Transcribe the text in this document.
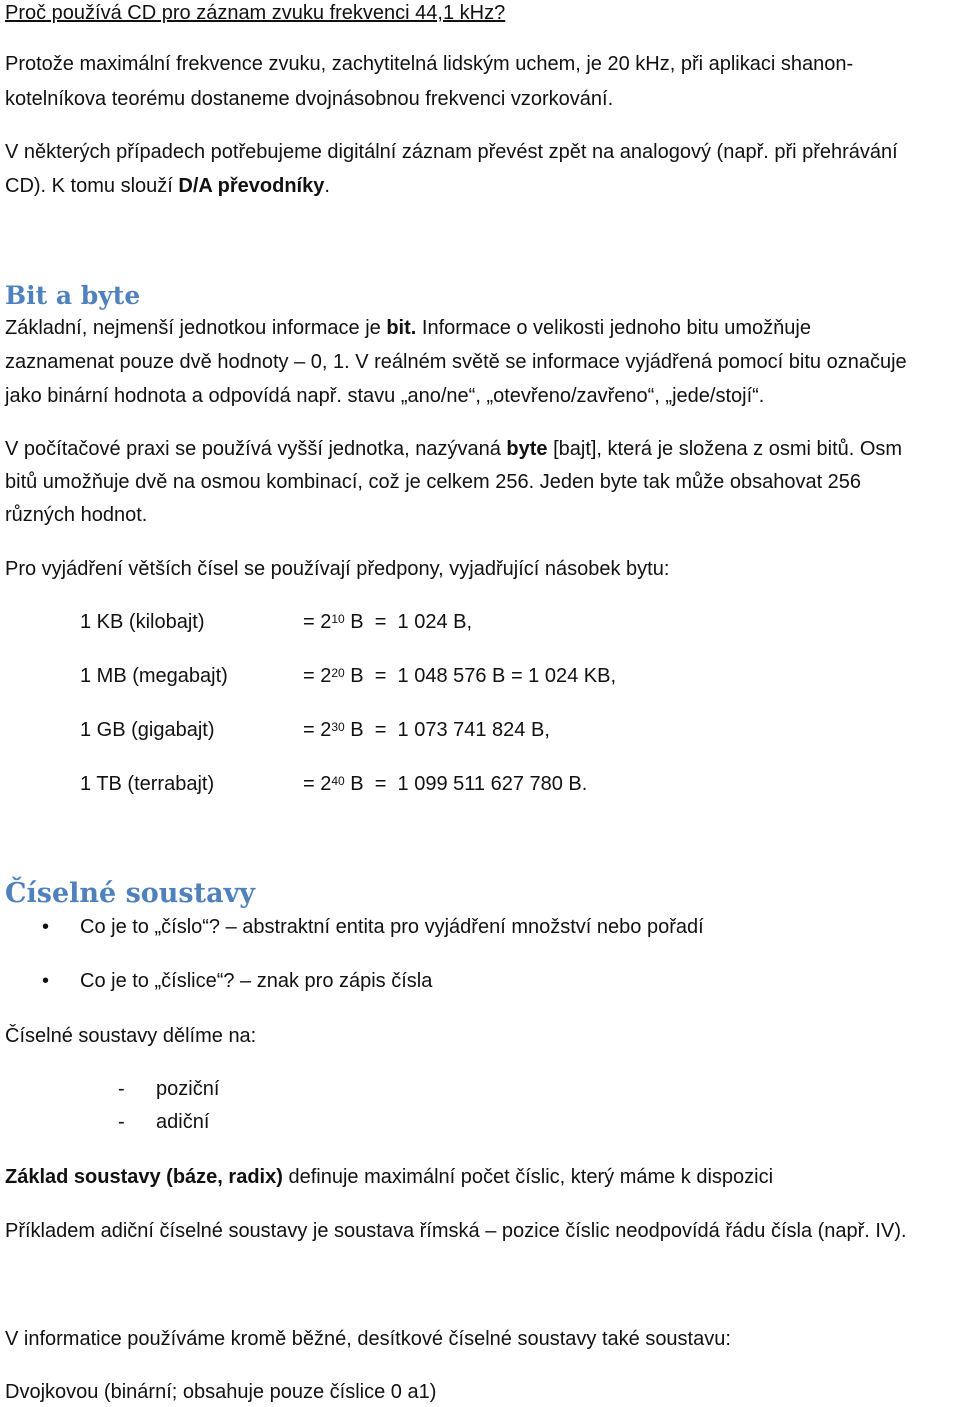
Proč používá CD pro záznam zvuku frekvenci 44,1 kHz?
Protože maximální frekvence zvuku, zachytitelná lidským uchem, je 20 kHz, při aplikaci shanon-
kotelníkova teorému dostaneme dvojnásobnou frekvenci vzorkování.
V některých případech potřebujeme digitální záznam převést zpět na analogový (např. při přehrávání
CD). K tomu slouží D/A převodníky.
Bit a byte
Základní, nejmenší jednotkou informace je bit. Informace o velikosti jednoho bitu umožňuje
zaznamenat pouze dvě hodnoty – 0, 1. V reálném světě se informace vyjádřená pomocí bitu označuje
jako binární hodnota a odpovídá např. stavu „ano/ne“, „otevřeno/zavřeno“, „jede/stojí“.
V počítačové praxi se používá vyšší jednotka, nazývaná byte [bajt], která je složena z osmi bitů. Osm
bitů umožňuje dvě na osmou kombinací, což je celkem 256. Jeden byte tak může obsahovat 256
různých hodnot.
Pro vyjádření větších čísel se používají předpony, vyjadřující násobek bytu:
1 KB (kilobajt)	= $2^{10}$ B  =  1 024 B,
1 MB (megabajt)	= $2^{20}$ B  =  1 048 576 B = 1 024 KB,
1 GB (gigabajt)	= $2^{30}$ B  =  1 073 741 824 B,
1 TB (terrabajt)	= $2^{40}$ B  =  1 099 511 627 780 B.
Číselné soustavy
• Co je to „číslo“? – abstraktní entita pro vyjádření množství nebo pořadí
• Co je to „číslice“? – znak pro zápis čísla
Číselné soustavy dělíme na:
- poziční
- adiční
Základ soustavy (báze, radix) definuje maximální počet číslic, který máme k dispozici
Příkladem adiční číselné soustavy je soustava římská – pozice číslic neodpovídá řádu čísla (např. IV).
V informatice používáme kromě běžné, desítkové číselné soustavy také soustavu:
Dvojkovou (binární; obsahuje pouze číslice 0 a1)
